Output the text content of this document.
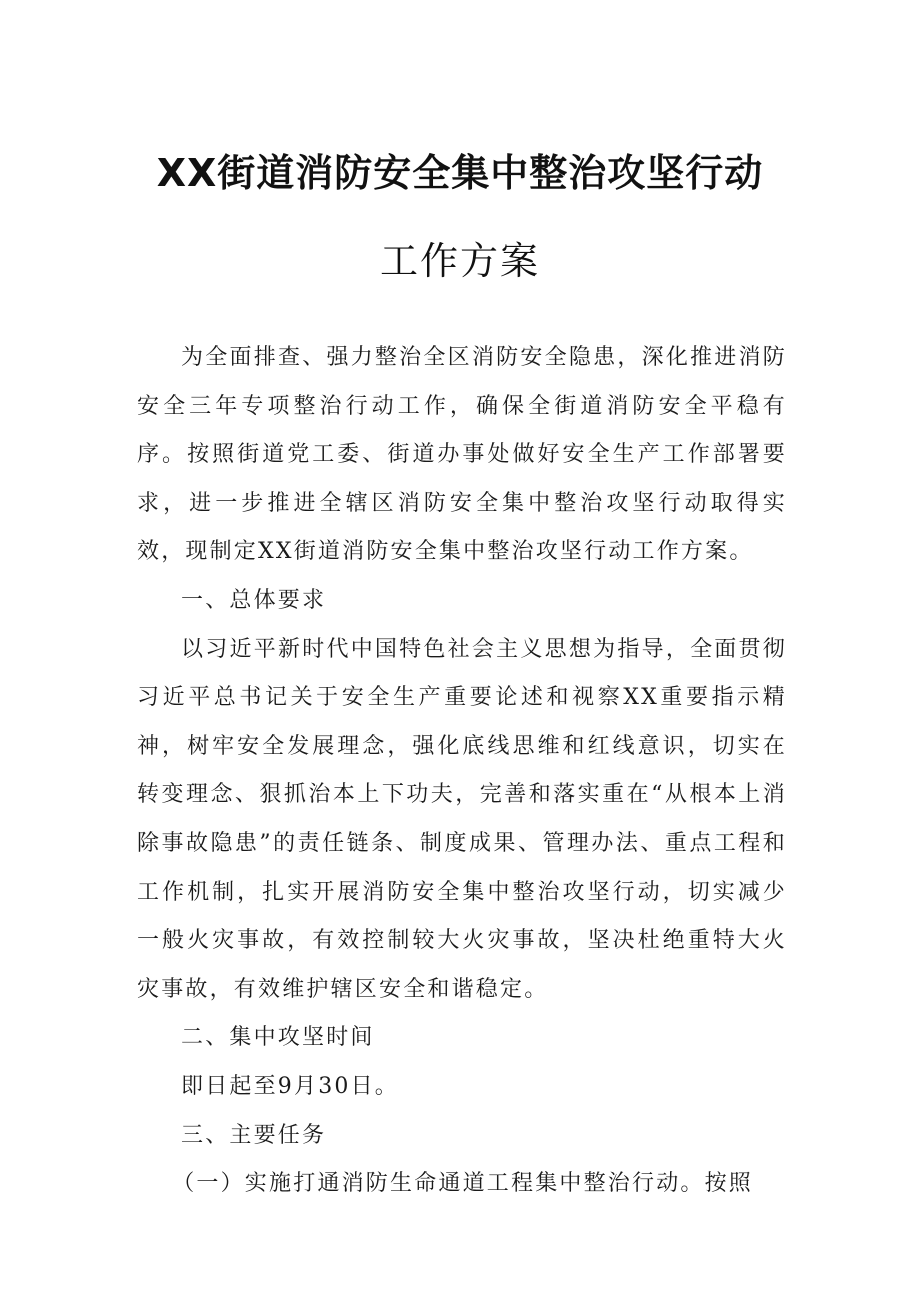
XX街道消防安全集中整治攻坚行动
工作方案

为全面排查、强力整治全区消防安全隐患，深化推进消防安全三年专项整治行动工作，确保全街道消防安全平稳有序。按照街道党工委、街道办事处做好安全生产工作部署要求，进一步推进全辖区消防安全集中整治攻坚行动取得实效，现制定XX街道消防安全集中整治攻坚行动工作方案。

一、总体要求

以习近平新时代中国特色社会主义思想为指导，全面贯彻习近平总书记关于安全生产重要论述和视察XX重要指示精神，树牢安全发展理念，强化底线思维和红线意识，切实在转变理念、狠抓治本上下功夫，完善和落实重在“从根本上消除事故隐患”的责任链条、制度成果、管理办法、重点工程和工作机制，扎实开展消防安全集中整治攻坚行动，切实减少一般火灾事故，有效控制较大火灾事故，坚决杜绝重特大火灾事故，有效维护辖区安全和谐稳定。

二、集中攻坚时间

即日起至9月30日。

三、主要任务

（一）实施打通消防生命通道工程集中整治行动。按照
